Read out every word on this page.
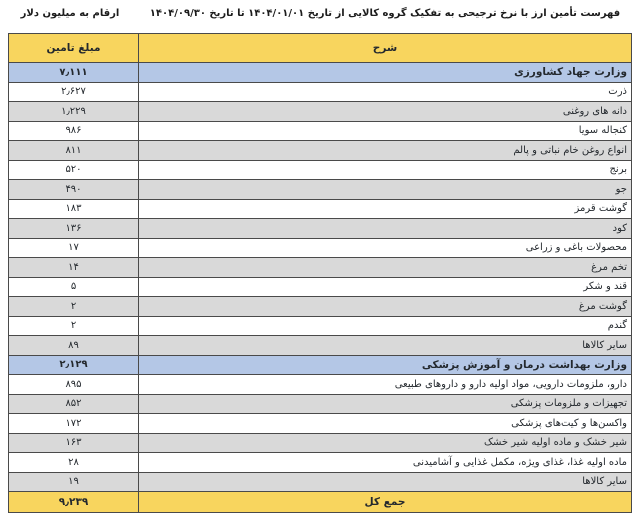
ارقام به میلیون دلار	فهرست تأمین ارز با نرخ ترجیحی به تفکیک گروه کالایی از تاریخ ۱۴۰۴/۰۱/۰۱ تا تاریخ ۱۴۰۴/۰۹/۳۰
مبلغ تامین	شرح
۷٫۱۱۱	وزارت جهاد کشاورزی
۲٫۶۲۷	ذرت
۱٫۲۲۹	دانه های روغنی
۹۸۶	کنجاله سویا
۸۱۱	انواع روغن خام نباتی و پالم
۵۲۰	برنج
۴۹۰	جو
۱۸۳	گوشت قرمز
۱۳۶	کود
۱۷	محصولات باغی و زراعی
۱۴	تخم مرغ
۵	قند و شکر
۲	گوشت مرغ
۲	گندم
۸۹	سایر کالاها
۲٫۱۲۹	وزارت بهداشت درمان و آموزش پزشکی
۸۹۵	دارو، ملزومات دارویی، مواد اولیه دارو و داروهای طبیعی
۸۵۲	تجهیزات و ملزومات پزشکی
۱۷۲	واکسن‌ها و کیت‌های پزشکی
۱۶۳	شیر خشک و ماده اولیه شیر خشک
۲۸	ماده اولیه غذا، غذای ویژه، مکمل غذایی و آشامیدنی
۱۹	سایر کالاها
۹٫۲۳۹	جمع کل
